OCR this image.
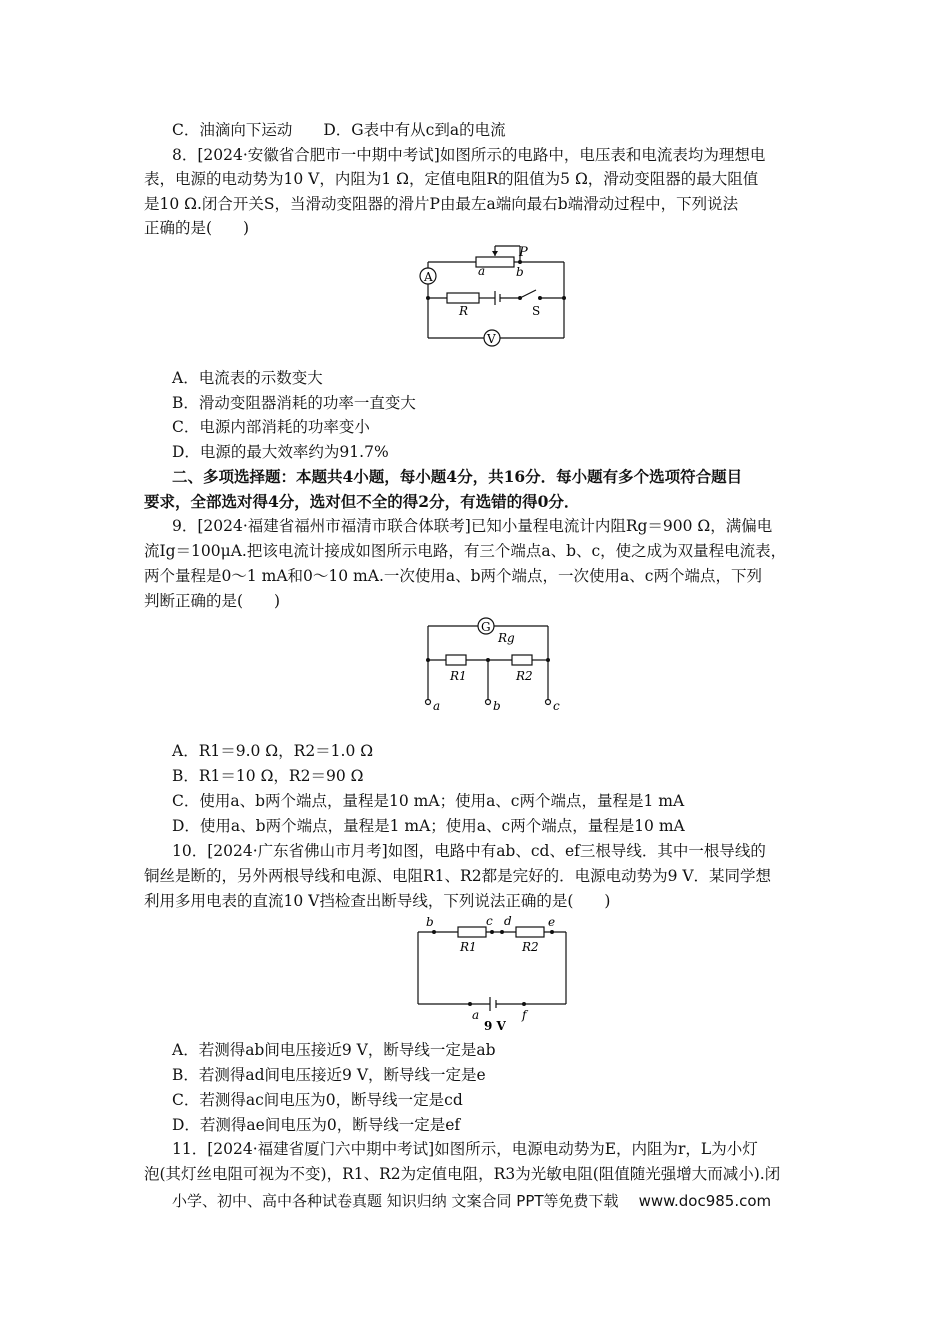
C．油滴向下运动　　D．G表中有从c到a的电流
8．[2024·安徽省合肥市一中期中考试]如图所示的电路中，电压表和电流表均为理想电
表，电源的电动势为10 V，内阻为1 Ω，定值电阻R的阻值为5 Ω，滑动变阻器的最大阻值
是10 Ω.闭合开关S，当滑动变阻器的滑片P由最左a端向最右b端滑动过程中，下列说法
正确的是(　　)
A
V
P
a	b
R	S
A．电流表的示数变大
B．滑动变阻器消耗的功率一直变大
C．电源内部消耗的功率变小
D．电源的最大效率约为91.7%
二、多项选择题：本题共4小题，每小题4分，共16分．每小题有多个选项符合题目
要求，全部选对得4分，选对但不全的得2分，有选错的得0分．
9．[2024·福建省福州市福清市联合体联考]已知小量程电流计内阻Rg＝900 Ω，满偏电
流Ig＝100μA.把该电流计接成如图所示电路，有三个端点a、b、c，使之成为双量程电流表，
两个量程是0～1 mA和0～10 mA.一次使用a、b两个端点，一次使用a、c两个端点，下列
判断正确的是(　　)
G
Rg
R1	R2
a	b	c
A．R1＝9.0 Ω，R2＝1.0 Ω
B．R1＝10 Ω，R2＝90 Ω
C．使用a、b两个端点，量程是10 mA；使用a、c两个端点，量程是1 mA
D．使用a、b两个端点，量程是1 mA；使用a、c两个端点，量程是10 mA
10．[2024·广东省佛山市月考]如图，电路中有ab、cd、ef三根导线．其中一根导线的
铜丝是断的，另外两根导线和电源、电阻R1、R2都是完好的．电源电动势为9 V．某同学想
利用多用电表的直流10 V挡检查出断导线，下列说法正确的是(　　)
b	c d	e
R1	R2
a	f
9 V
A．若测得ab间电压接近9 V，断导线一定是ab
B．若测得ad间电压接近9 V，断导线一定是e
C．若测得ac间电压为0，断导线一定是cd
D．若测得ae间电压为0，断导线一定是ef
11．[2024·福建省厦门六中期中考试]如图所示，电源电动势为E，内阻为r，L为小灯
泡(其灯丝电阻可视为不变)，R1、R2为定值电阻，R3为光敏电阻(阻值随光强增大而减小).闭
小学、初中、高中各种试卷真题 知识归纳 文案合同 PPT等免费下载 www.doc985.com
